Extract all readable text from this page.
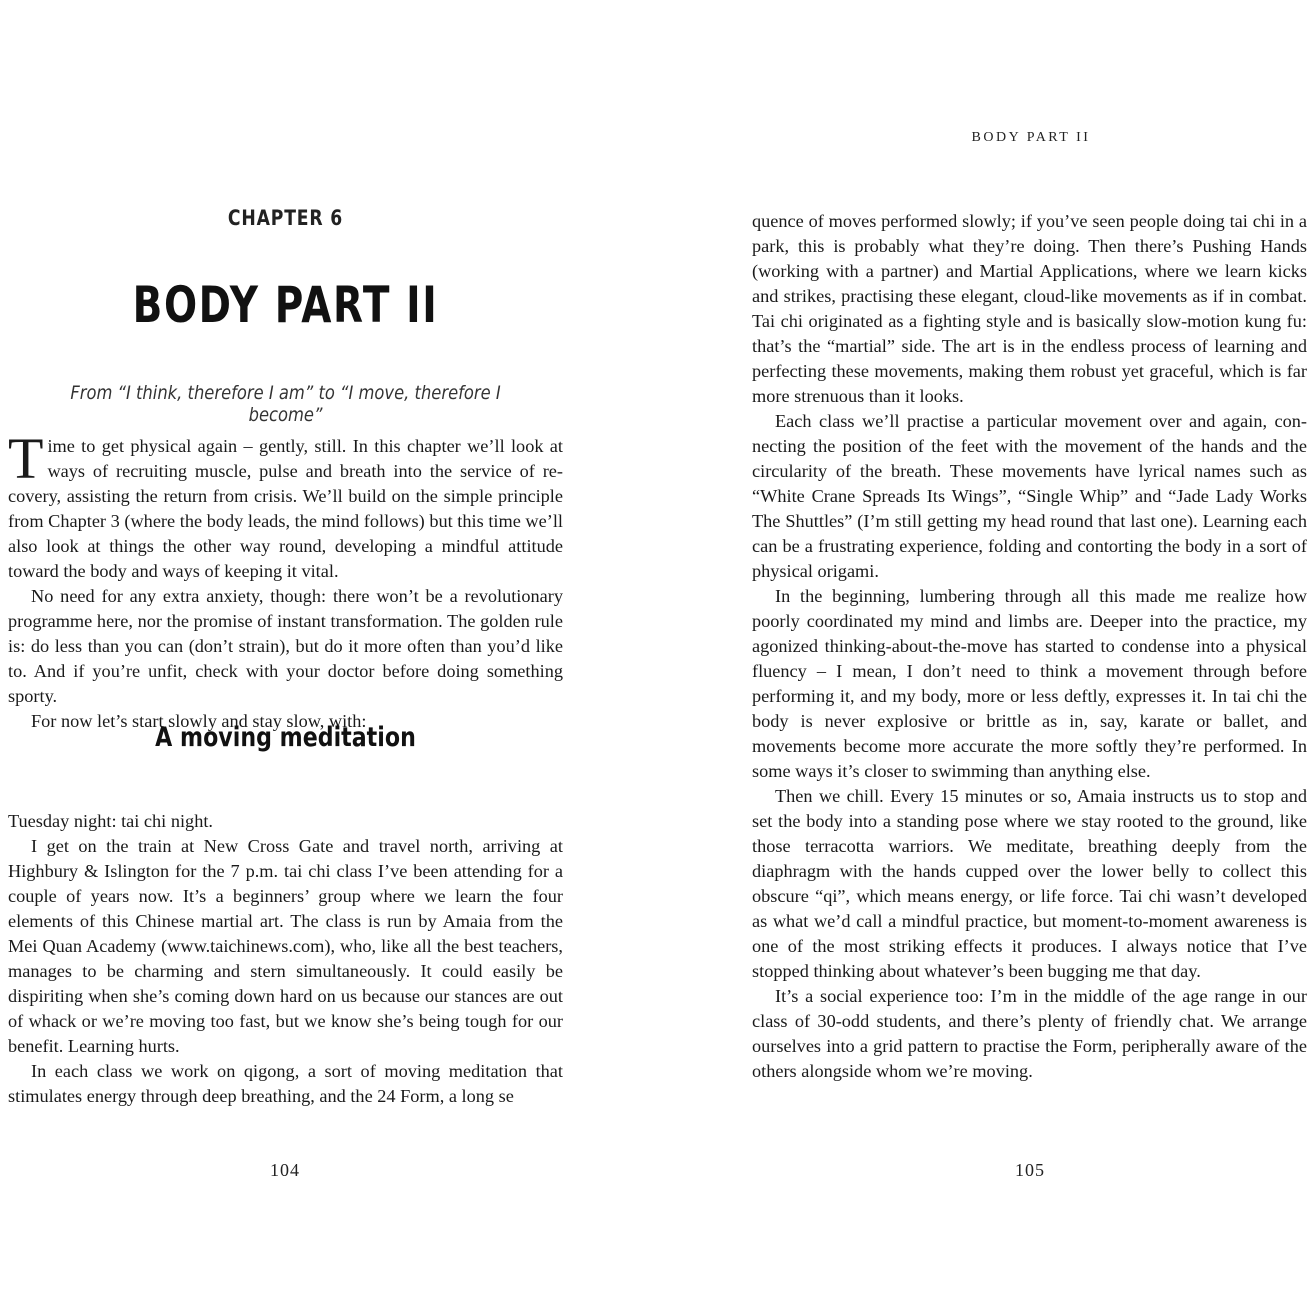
CHAPTER 6
BODY PART II
From “I think, therefore I am” to “I move, therefore I become”

Time to get physical again – gently, still. In this chapter we’ll look at ways of recruiting muscle, pulse and breath into the service of recovery, assisting the return from crisis. We’ll build on the simple principle from Chapter 3 (where the body leads, the mind follows) but this time we’ll also look at things the other way round, developing a mindful attitude toward the body and ways of keeping it vital.

No need for any extra anxiety, though: there won’t be a revolutionary programme here, nor the promise of instant transformation. The golden rule is: do less than you can (don’t strain), but do it more often than you’d like to. And if you’re unfit, check with your doctor before doing something sporty.

For now let’s start slowly and stay slow, with:

A moving meditation

Tuesday night: tai chi night.

I get on the train at New Cross Gate and travel north, arriving at Highbury & Islington for the 7 p.m. tai chi class I’ve been attending for a couple of years now. It’s a beginners’ group where we learn the four elements of this Chinese martial art. The class is run by Amaia from the Mei Quan Academy (www.taichinews.com), who, like all the best teachers, manages to be charming and stern simultaneously. It could easily be dispiriting when she’s coming down hard on us because our stances are out of whack or we’re moving too fast, but we know she’s being tough for our benefit. Learning hurts.

In each class we work on qigong, a sort of moving meditation that stimulates energy through deep breathing, and the 24 Form, a long se

104
BODY PART II

quence of moves performed slowly; if you’ve seen people doing tai chi in a park, this is probably what they’re doing. Then there’s Pushing Hands (working with a partner) and Martial Applications, where we learn kicks and strikes, practising these elegant, cloud-like movements as if in combat. Tai chi originated as a fighting style and is basically slow-motion kung fu: that’s the “martial” side. The art is in the endless process of learning and perfecting these movements, making them robust yet graceful, which is far more strenuous than it looks.

Each class we’ll practise a particular movement over and again, connecting the position of the feet with the movement of the hands and the circularity of the breath. These movements have lyrical names such as “White Crane Spreads Its Wings”, “Single Whip” and “Jade Lady Works The Shuttles” (I’m still getting my head round that last one). Learning each can be a frustrating experience, folding and contorting the body in a sort of physical origami.

In the beginning, lumbering through all this made me realize how poorly coordinated my mind and limbs are. Deeper into the practice, my agonized thinking-about-the-move has started to condense into a physical fluency – I mean, I don’t need to think a movement through before performing it, and my body, more or less deftly, expresses it. In tai chi the body is never explosive or brittle as in, say, karate or ballet, and movements become more accurate the more softly they’re performed. In some ways it’s closer to swimming than anything else.

Then we chill. Every 15 minutes or so, Amaia instructs us to stop and set the body into a standing pose where we stay rooted to the ground, like those terracotta warriors. We meditate, breathing deeply from the diaphragm with the hands cupped over the lower belly to collect this obscure “qi”, which means energy, or life force. Tai chi wasn’t developed as what we’d call a mindful practice, but moment-to-moment awareness is one of the most striking effects it produces. I always notice that I’ve stopped thinking about whatever’s been bugging me that day.

It’s a social experience too: I’m in the middle of the age range in our class of 30-odd students, and there’s plenty of friendly chat. We arrange ourselves into a grid pattern to practise the Form, peripherally aware of the others alongside whom we’re moving.

105
